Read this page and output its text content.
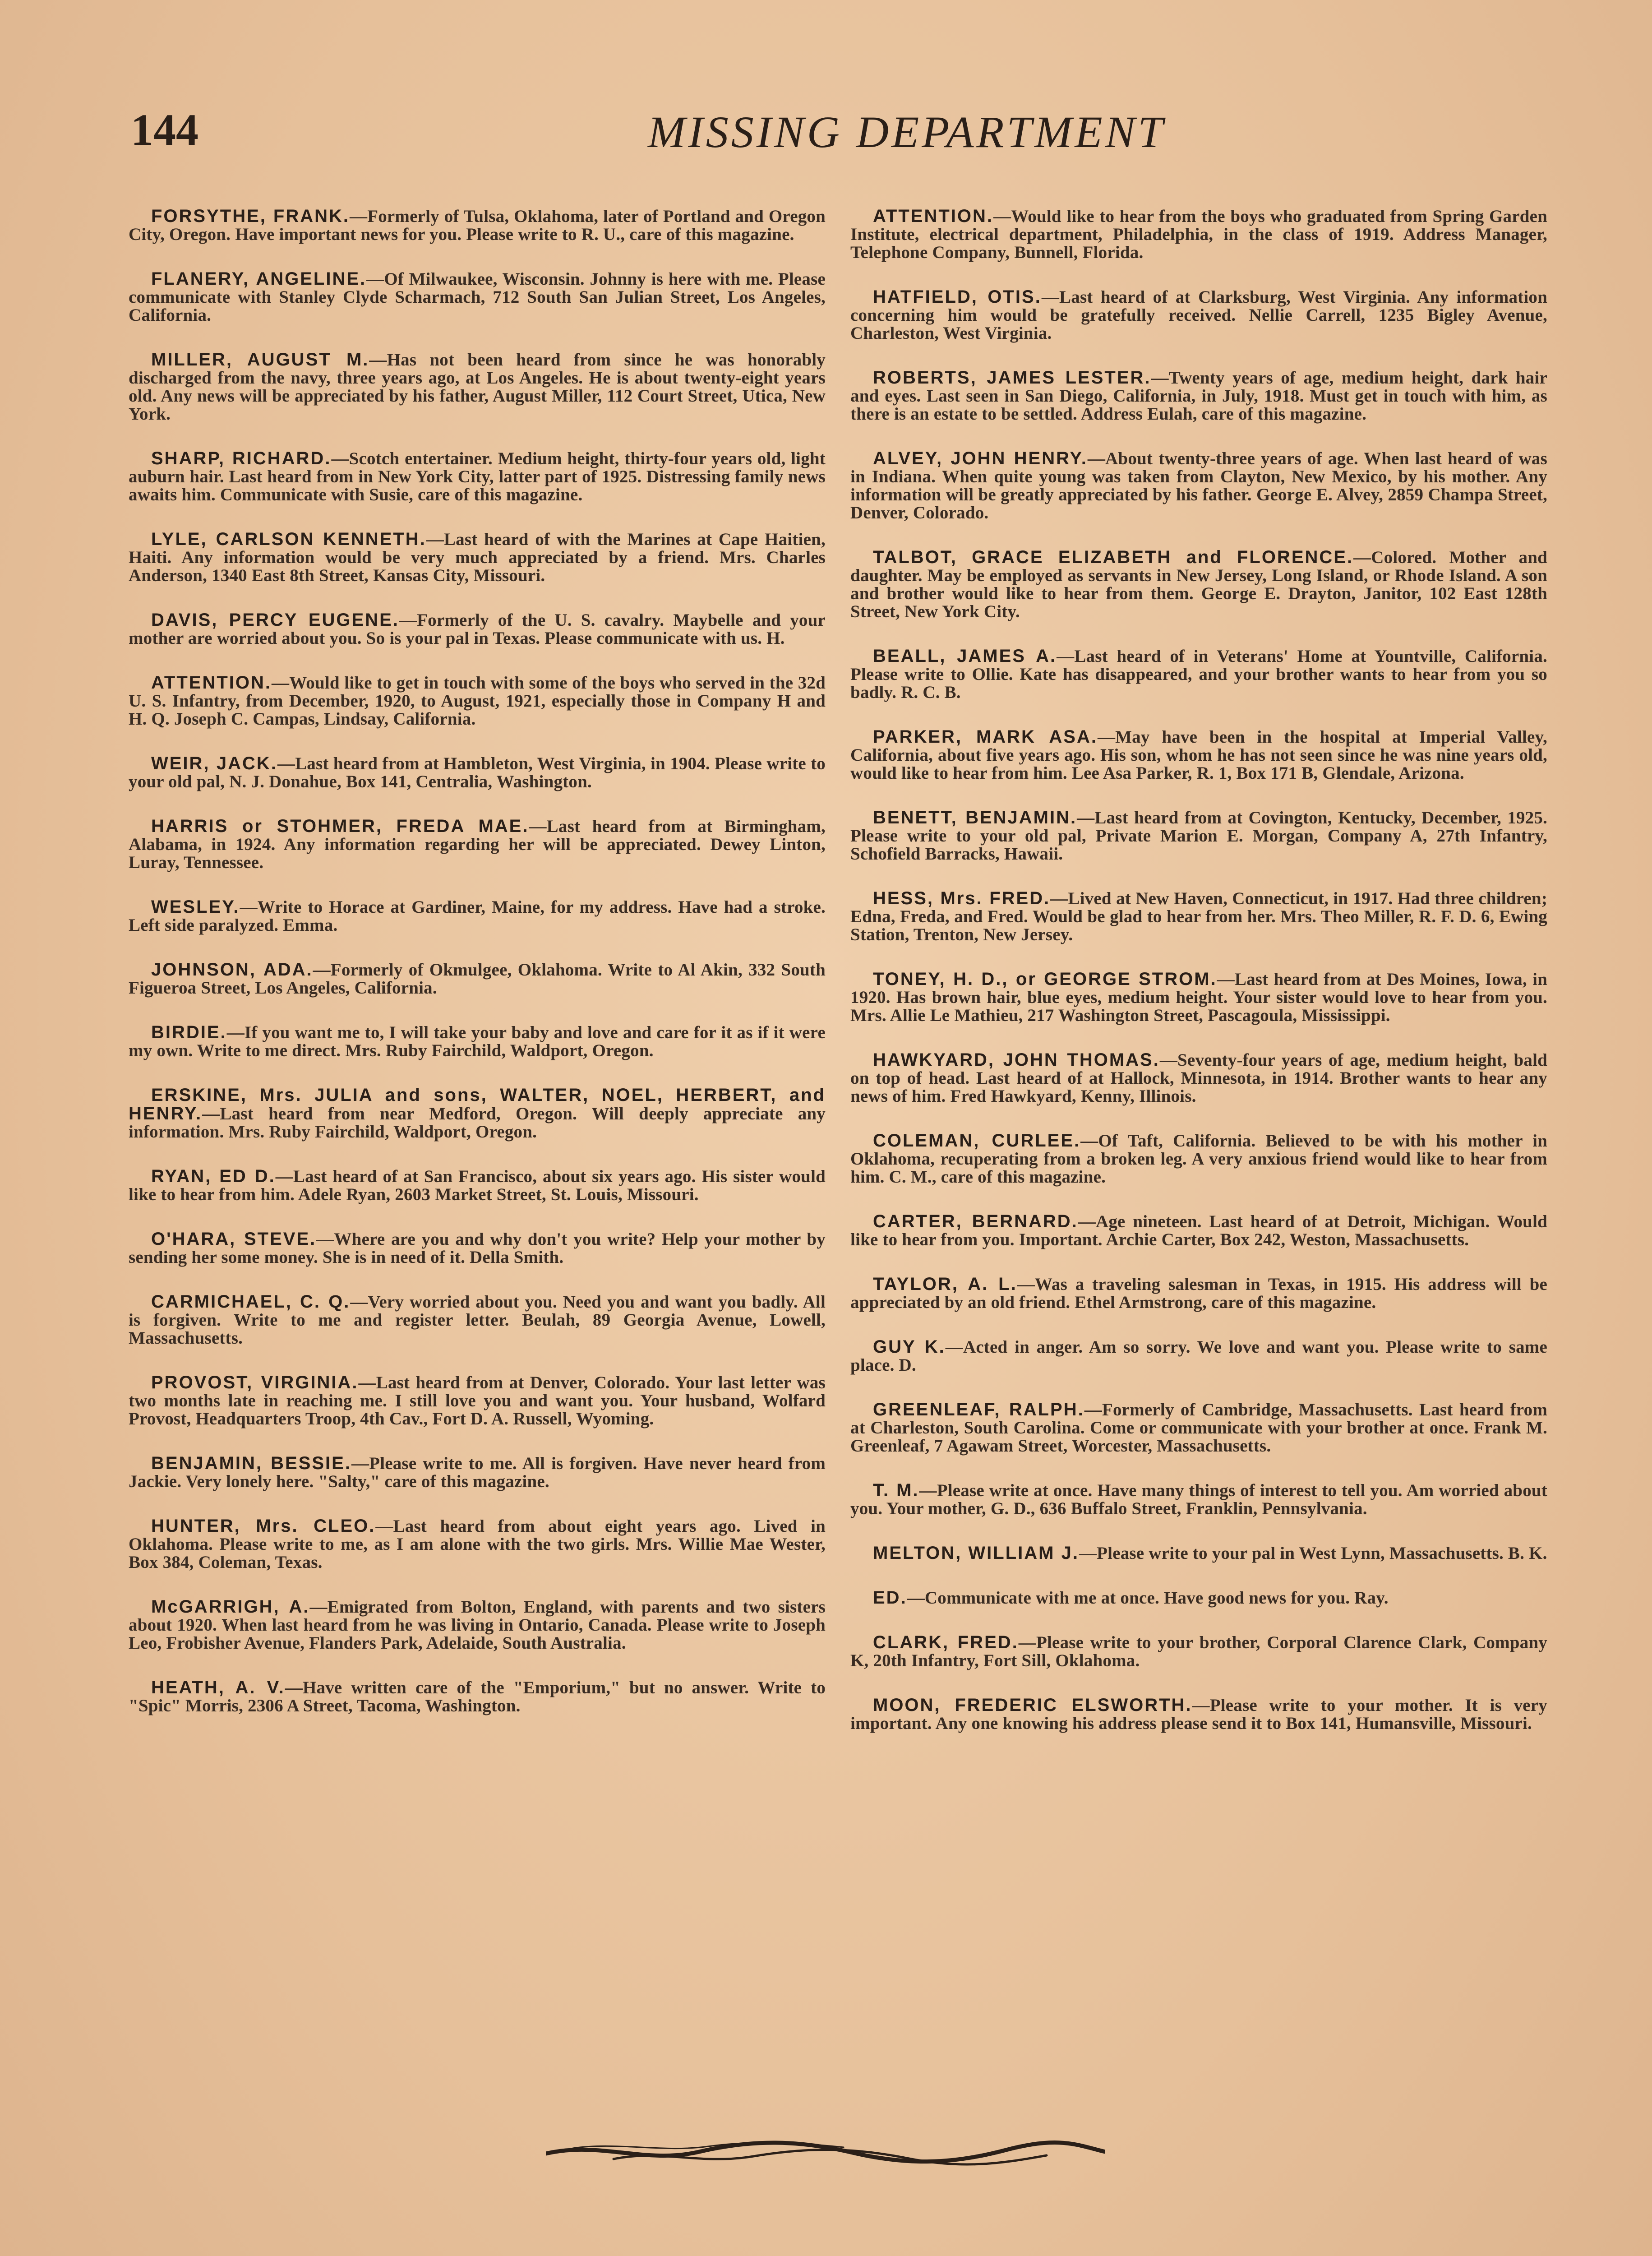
144	MISSING DEPARTMENT

FORSYTHE, FRANK.—Formerly of Tulsa, Oklahoma, later of Portland and Oregon City, Oregon. Have important news for you. Please write to R. U., care of this magazine.

FLANERY, ANGELINE.—Of Milwaukee, Wisconsin. Johnny is here with me. Please communicate with Stanley Clyde Scharmach, 712 South San Julian Street, Los Angeles, California.

MILLER, AUGUST M.—Has not been heard from since he was honorably discharged from the navy, three years ago, at Los Angeles. He is about twenty-eight years old. Any news will be appreciated by his father, August Miller, 112 Court Street, Utica, New York.

SHARP, RICHARD.—Scotch entertainer. Medium height, thirty-four years old, light auburn hair. Last heard from in New York City, latter part of 1925. Distressing family news awaits him. Communicate with Susie, care of this magazine.

LYLE, CARLSON KENNETH.—Last heard of with the Marines at Cape Haitien, Haiti. Any information would be very much appreciated by a friend. Mrs. Charles Anderson, 1340 East 8th Street, Kansas City, Missouri.

DAVIS, PERCY EUGENE.—Formerly of the U. S. cavalry. Maybelle and your mother are worried about you. So is your pal in Texas. Please communicate with us. H.

ATTENTION.—Would like to get in touch with some of the boys who served in the 32d U. S. Infantry, from December, 1920, to August, 1921, especially those in Company H and H. Q. Joseph C. Campas, Lindsay, California.

WEIR, JACK.—Last heard from at Hambleton, West Virginia, in 1904. Please write to your old pal, N. J. Donahue, Box 141, Centralia, Washington.

HARRIS or STOHMER, FREDA MAE.—Last heard from at Birmingham, Alabama, in 1924. Any information regarding her will be appreciated. Dewey Linton, Luray, Tennessee.

WESLEY.—Write to Horace at Gardiner, Maine, for my address. Have had a stroke. Left side paralyzed. Emma.

JOHNSON, ADA.—Formerly of Okmulgee, Oklahoma. Write to Al Akin, 332 South Figueroa Street, Los Angeles, California.

BIRDIE.—If you want me to, I will take your baby and love and care for it as if it were my own. Write to me direct. Mrs. Ruby Fairchild, Waldport, Oregon.

ERSKINE, Mrs. JULIA and sons, WALTER, NOEL, HERBERT, and HENRY.—Last heard from near Medford, Oregon. Will deeply appreciate any information. Mrs. Ruby Fairchild, Waldport, Oregon.

RYAN, ED D.—Last heard of at San Francisco, about six years ago. His sister would like to hear from him. Adele Ryan, 2603 Market Street, St. Louis, Missouri.

O'HARA, STEVE.—Where are you and why don't you write? Help your mother by sending her some money. She is in need of it. Della Smith.

CARMICHAEL, C. Q.—Very worried about you. Need you and want you badly. All is forgiven. Write to me and register letter. Beulah, 89 Georgia Avenue, Lowell, Massachusetts.

PROVOST, VIRGINIA.—Last heard from at Denver, Colorado. Your last letter was two months late in reaching me. I still love you and want you. Your husband, Wolfard Provost, Headquarters Troop, 4th Cav., Fort D. A. Russell, Wyoming.

BENJAMIN, BESSIE.—Please write to me. All is forgiven. Have never heard from Jackie. Very lonely here. "Salty," care of this magazine.

HUNTER, Mrs. CLEO.—Last heard from about eight years ago. Lived in Oklahoma. Please write to me, as I am alone with the two girls. Mrs. Willie Mae Wester, Box 384, Coleman, Texas.

McGARRIGH, A.—Emigrated from Bolton, England, with parents and two sisters about 1920. When last heard from he was living in Ontario, Canada. Please write to Joseph Leo, Frobisher Avenue, Flanders Park, Adelaide, South Australia.

HEATH, A. V.—Have written care of the "Emporium," but no answer. Write to "Spic" Morris, 2306 A Street, Tacoma, Washington.

ATTENTION.—Would like to hear from the boys who graduated from Spring Garden Institute, electrical department, Philadelphia, in the class of 1919. Address Manager, Telephone Company, Bunnell, Florida.

HATFIELD, OTIS.—Last heard of at Clarksburg, West Virginia. Any information concerning him would be gratefully received. Nellie Carrell, 1235 Bigley Avenue, Charleston, West Virginia.

ROBERTS, JAMES LESTER.—Twenty years of age, medium height, dark hair and eyes. Last seen in San Diego, California, in July, 1918. Must get in touch with him, as there is an estate to be settled. Address Eulah, care of this magazine.

ALVEY, JOHN HENRY.—About twenty-three years of age. When last heard of was in Indiana. When quite young was taken from Clayton, New Mexico, by his mother. Any information will be greatly appreciated by his father. George E. Alvey, 2859 Champa Street, Denver, Colorado.

TALBOT, GRACE ELIZABETH and FLORENCE.—Colored. Mother and daughter. May be employed as servants in New Jersey, Long Island, or Rhode Island. A son and brother would like to hear from them. George E. Drayton, Janitor, 102 East 128th Street, New York City.

BEALL, JAMES A.—Last heard of in Veterans' Home at Yountville, California. Please write to Ollie. Kate has disappeared, and your brother wants to hear from you so badly. R. C. B.

PARKER, MARK ASA.—May have been in the hospital at Imperial Valley, California, about five years ago. His son, whom he has not seen since he was nine years old, would like to hear from him. Lee Asa Parker, R. 1, Box 171 B, Glendale, Arizona.

BENETT, BENJAMIN.—Last heard from at Covington, Kentucky, December, 1925. Please write to your old pal, Private Marion E. Morgan, Company A, 27th Infantry, Schofield Barracks, Hawaii.

HESS, Mrs. FRED.—Lived at New Haven, Connecticut, in 1917. Had three children; Edna, Freda, and Fred. Would be glad to hear from her. Mrs. Theo Miller, R. F. D. 6, Ewing Station, Trenton, New Jersey.

TONEY, H. D., or GEORGE STROM.—Last heard from at Des Moines, Iowa, in 1920. Has brown hair, blue eyes, medium height. Your sister would love to hear from you. Mrs. Allie Le Mathieu, 217 Washington Street, Pascagoula, Mississippi.

HAWKYARD, JOHN THOMAS.—Seventy-four years of age, medium height, bald on top of head. Last heard of at Hallock, Minnesota, in 1914. Brother wants to hear any news of him. Fred Hawkyard, Kenny, Illinois.

COLEMAN, CURLEE.—Of Taft, California. Believed to be with his mother in Oklahoma, recuperating from a broken leg. A very anxious friend would like to hear from him. C. M., care of this magazine.

CARTER, BERNARD.—Age nineteen. Last heard of at Detroit, Michigan. Would like to hear from you. Important. Archie Carter, Box 242, Weston, Massachusetts.

TAYLOR, A. L.—Was a traveling salesman in Texas, in 1915. His address will be appreciated by an old friend. Ethel Armstrong, care of this magazine.

GUY K.—Acted in anger. Am so sorry. We love and want you. Please write to same place. D.

GREENLEAF, RALPH.—Formerly of Cambridge, Massachusetts. Last heard from at Charleston, South Carolina. Come or communicate with your brother at once. Frank M. Greenleaf, 7 Agawam Street, Worcester, Massachusetts.

T. M.—Please write at once. Have many things of interest to tell you. Am worried about you. Your mother, G. D., 636 Buffalo Street, Franklin, Pennsylvania.

MELTON, WILLIAM J.—Please write to your pal in West Lynn, Massachusetts. B. K.

ED.—Communicate with me at once. Have good news for you. Ray.

CLARK, FRED.—Please write to your brother, Corporal Clarence Clark, Company K, 20th Infantry, Fort Sill, Oklahoma.

MOON, FREDERIC ELSWORTH.—Please write to your mother. It is very important. Any one knowing his address please send it to Box 141, Humansville, Missouri.
